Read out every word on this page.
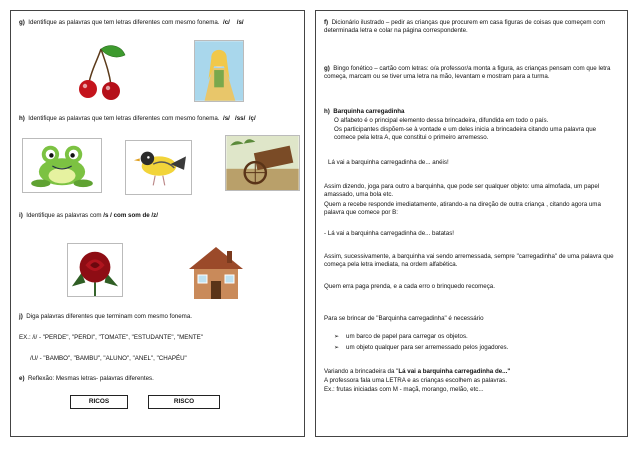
g) Identifique as palavras que tem letras diferentes com mesmo fonema. /c/    /s/
h) Identifique as palavras que tem letras diferentes com mesmo fonema. /s/   /ss/  /ç/
i) Identifique as palavras com /s / com som de /z/
j) Diga palavras diferentes que terminam com mesmo fonema.
EX.: /i/ - "PERDE", "PERDI", "TOMATE", "ESTUDANTE", "MENTE"
/U/ - "BAMBO", "BAMBU", "ALUNO", "ANEL", "CHAPÉU"
e) Reflexão: Mesmas letras- palavras diferentes.
RICOS	RISCO
f) Dicionário ilustrado – pedir as crianças que procurem em casa figuras de coisas que começem com determinada letra e colar na página correspondente.
g) Bingo fonético – cartão com letras: o/a professor/a monta a figura, as crianças pensam com que letra começa, marcam ou se tiver uma letra na mão, levantam e mostram para a turma.
h) Barquinha carregadinha
O alfabeto é o principal elemento dessa brincadeira, difundida em todo o país.
Os participantes dispõem-se à vontade e um deles inicia a brincadeira citando uma palavra que comece pela letra A, que constitui o primeiro arremesso.
Lá vai a barquinha carregadinha de... anéis!
Assim dizendo, joga para outro a barquinha, que pode ser qualquer objeto: uma almofada, um papel amassado, uma bola etc.
Quem a recebe responde imediatamente, atirando-a na direção de outra criança , citando agora uma palavra que comece por B:
- Lá vai a barquinha carregadinha de... batatas!
Assim, sucessivamente, a barquinha vai sendo arremessada, sempre "carregadinha" de uma palavra que começa pela letra imediata, na ordem alfabética.
Quem erra paga prenda, e a cada erro o brinquedo recomeça.
Para se brincar de "Barquinha carregadinha" é necessário
➢ um barco de papel para carregar os objetos.
➢ um objeto qualquer para ser arremessado pelos jogadores.
Variando a brincadeira da "Lá vai a barquinha carregadinha de..."
A professora fala uma LETRA e as crianças escolhem as palavras.
Ex.: frutas iniciadas com M - maçã, morango, melão, etc...
